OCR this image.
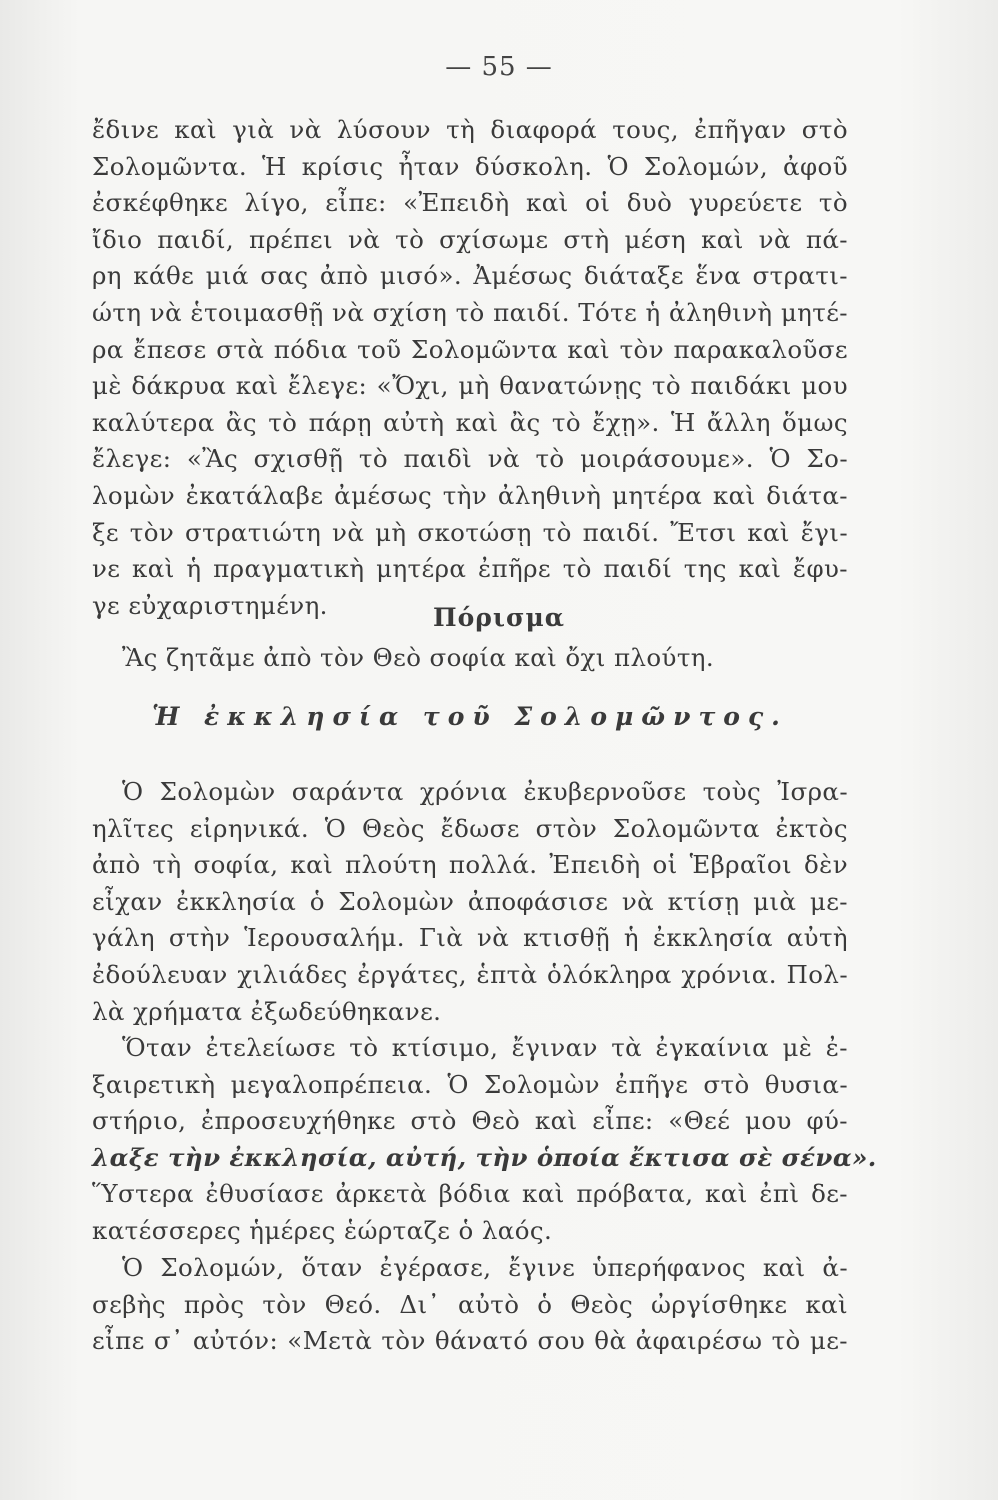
— 55 —
ἔδινε καὶ γιὰ νὰ λύσουν τὴ διαφορά τους, ἐπῆγαν στὸ
Σολομῶντα. Ἡ κρίσις ἦταν δύσκολη. Ὁ Σολομών, ἀφοῦ
ἐσκέφθηκε λίγο, εἶπε: «Ἐπειδὴ καὶ οἱ δυὸ γυρεύετε τὸ
ἴδιο παιδί, πρέπει νὰ τὸ σχίσωμε στὴ μέση καὶ νὰ πά-
ρη κάθε μιά σας ἀπὸ μισό». Ἀμέσως διάταξε ἕνα στρατι-
ώτη νὰ ἑτοιμασθῇ νὰ σχίση τὸ παιδί. Τότε ἡ ἀληθινὴ μητέ-
ρα ἔπεσε στὰ πόδια τοῦ Σολομῶντα καὶ τὸν παρακαλοῦσε
μὲ δάκρυα καὶ ἔλεγε: «Ὄχι, μὴ θανατώνῃς τὸ παιδάκι μου
καλύτερα ἂς τὸ πάρῃ αὐτὴ καὶ ἂς τὸ ἔχῃ». Ἡ ἄλλη ὅμως
ἔλεγε: «Ἂς σχισθῇ τὸ παιδὶ νὰ τὸ μοιράσουμε». Ὁ Σο-
λομὼν ἐκατάλαβε ἀμέσως τὴν ἀληθινὴ μητέρα καὶ διάτα-
ξε τὸν στρατιώτη νὰ μὴ σκοτώσῃ τὸ παιδί. Ἔτσι καὶ ἔγι-
νε καὶ ἡ πραγματικὴ μητέρα ἐπῆρε τὸ παιδί της καὶ ἔφυ-
γε εὐχαριστημένη.	Πόρισμα
Ἂς ζητᾶμε ἀπὸ τὸν Θεὸ σοφία καὶ ὄχι πλούτη.
Ἡ ἐκκλησία τοῦ Σολομῶντος.
Ὁ Σολομὼν σαράντα χρόνια ἐκυβερνοῦσε τοὺς Ἰσρα-
ηλῖτες εἰρηνικά. Ὁ Θεὸς ἔδωσε στὸν Σολομῶντα ἐκτὸς
ἀπὸ τὴ σοφία, καὶ πλούτη πολλά. Ἐπειδὴ οἱ Ἑβραῖοι δὲν
εἶχαν ἐκκλησία ὁ Σολομὼν ἀποφάσισε νὰ κτίσῃ μιὰ με-
γάλη στὴν Ἱερουσαλήμ. Γιὰ νὰ κτισθῇ ἡ ἐκκλησία αὐτὴ
ἐδούλευαν χιλιάδες ἐργάτες, ἑπτὰ ὁλόκληρα χρόνια. Πολ-
λὰ χρήματα ἐξωδεύθηκανε.
Ὅταν ἐτελείωσε τὸ κτίσιμο, ἔγιναν τὰ ἐγκαίνια μὲ ἐ-
ξαιρετικὴ μεγαλοπρέπεια. Ὁ Σολομὼν ἐπῆγε στὸ θυσια-
στήριο, ἐπροσευχήθηκε στὸ Θεὸ καὶ εἶπε: «Θεέ μου φύ-
λαξε τὴν ἐκκλησία, αὐτή, τὴν ὁποία ἔκτισα σὲ σένα».
Ὕστερα ἐθυσίασε ἀρκετὰ βόδια καὶ πρόβατα, καὶ ἐπὶ δε-
κατέσσερες ἡμέρες ἑώρταζε ὁ λαός.
Ὁ Σολομών, ὅταν ἐγέρασε, ἔγινε ὑπερήφανος καὶ ἀ-
σεβὴς πρὸς τὸν Θεό. Δι᾿ αὐτὸ ὁ Θεὸς ὠργίσθηκε καὶ
εἶπε σ᾿ αὐτόν: «Μετὰ τὸν θάνατό σου θὰ ἀφαιρέσω τὸ με-
